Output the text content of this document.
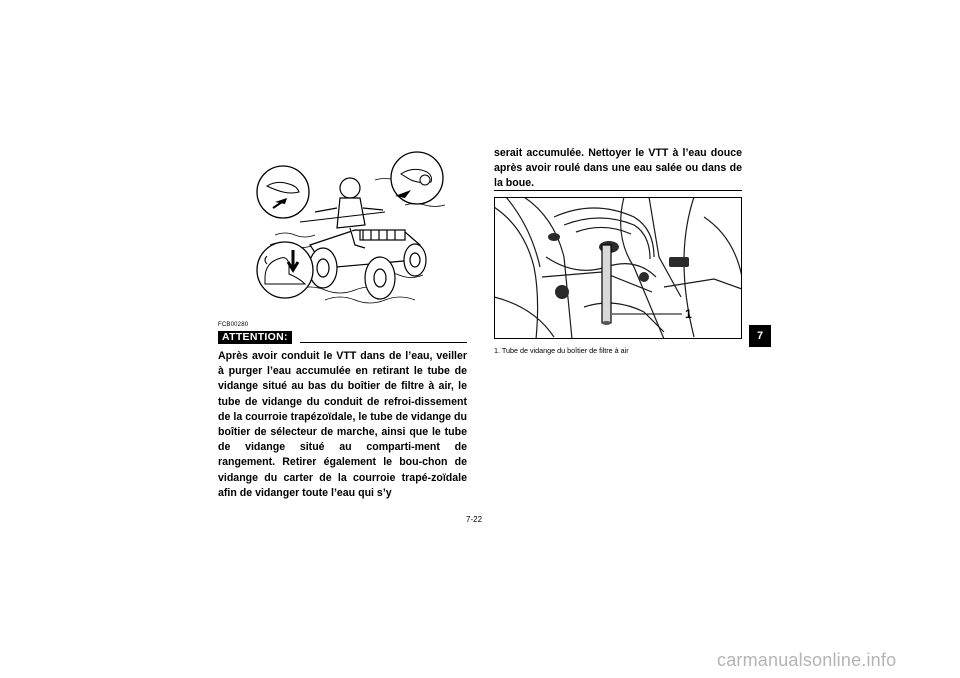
FCB00280
ATTENTION:

Après avoir conduit le VTT dans de l’eau, veiller à purger l’eau accumulée en retirant le tube de vidange situé au bas du boîtier de filtre à air, le tube de vidange du conduit de refroi-dissement de la courroie trapézoïdale, le tube de vidange du boîtier de sélecteur de marche, ainsi que le tube de vidange situé au comparti-ment de rangement. Retirer également le bou-chon de vidange du carter de la courroie trapé-zoïdale afin de vidanger toute l’eau qui s’y

serait accumulée. Nettoyer le VTT à l’eau douce après avoir roulé dans une eau salée ou dans de la boue.

1
1. Tube de vidange du boîtier de filtre à air
7-22
7
carmanualsonline.info
